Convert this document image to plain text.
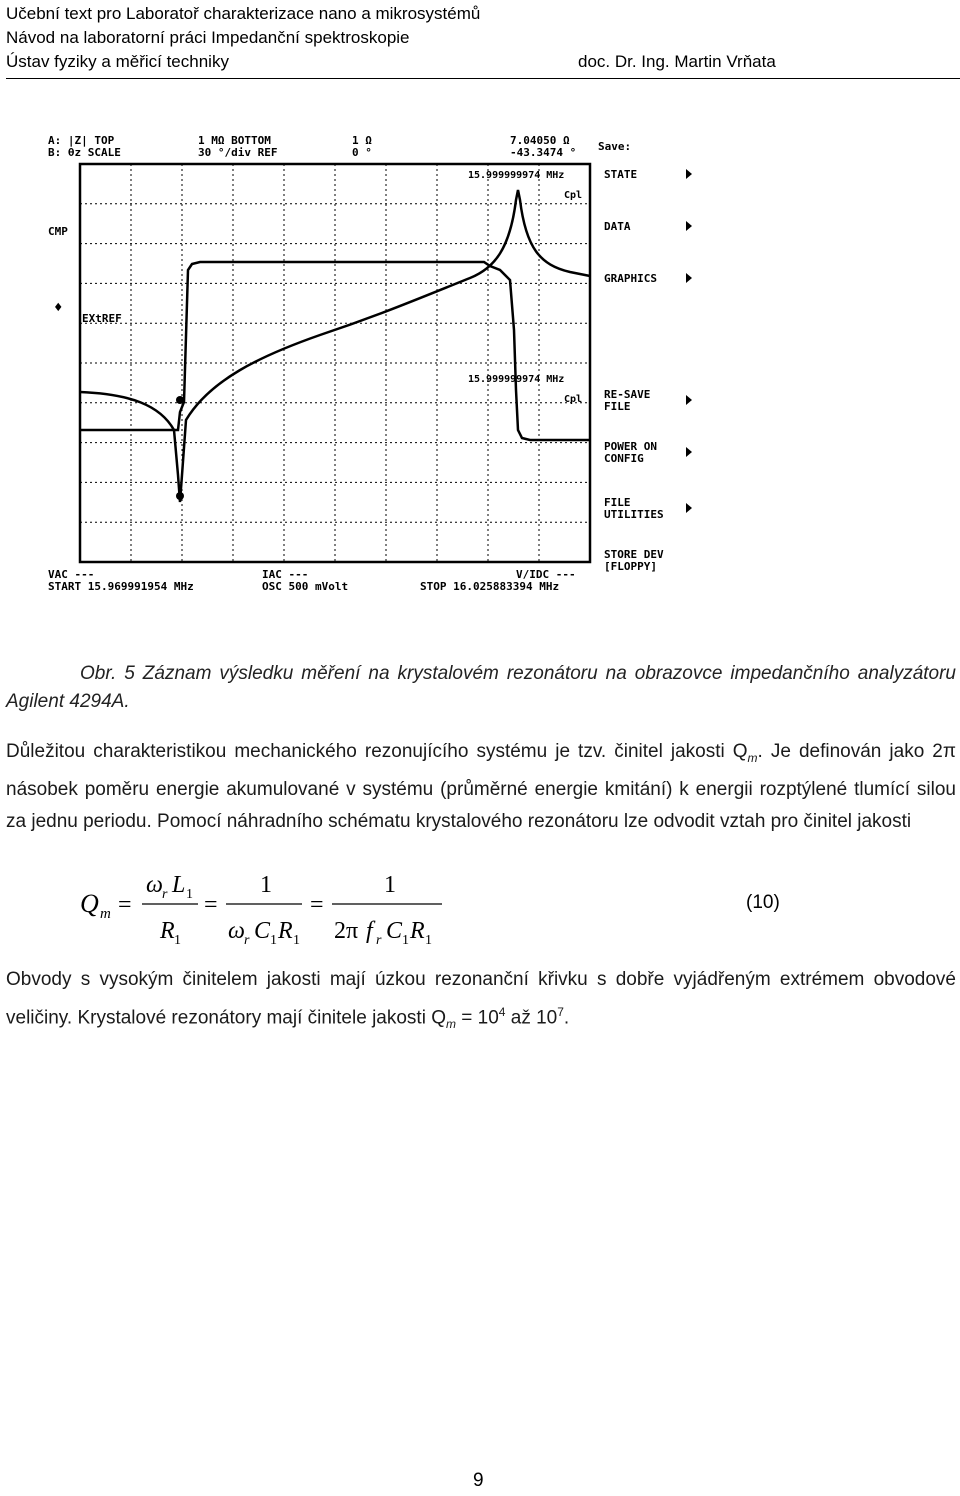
Učební text pro Laboratoř charakterizace nano a mikrosystémů
Návod na laboratorní práci Impedanční spektroskopie
Ústav fyziky a měřicí techniky	doc. Dr. Ing. Martin Vrňata
A: |Z| TOP
B: θz SCALE
1 MΩ BOTTOM
30 °/div REF
1 Ω
0 °
7.04050 Ω
-43.3474 ° Save:
CMP
♦
EXtREF
15.999999974 MHz
Cpl
15.999999974 MHz
Cpl
STATE
DATA
GRAPHICS
RE-SAVE
FILE
POWER ON
CONFIG
FILE
UTILITIES
STORE DEV
[FLOPPY]
VAC ---
START 15.969991954 MHz
IAC ---
OSC 500 mVolt
V/IDC ---
STOP 16.025883394 MHz
Obr. 5 Záznam výsledku měření na krystalovém rezonátoru na obrazovce impedančního analyzátoru Agilent 4294A.
Důležitou charakteristikou mechanického rezonujícího systému je tzv. činitel jakosti $Q_m$. Je definován jako 2π násobek poměru energie akumulované v systému (průměrné energie kmitání) k energii rozptýlené tlumící silou za jednu periodu. Pomocí náhradního schématu krystalového rezonátoru lze odvodit vztah pro činitel jakosti
Q m =
ω r L 1
R 1
=
1
ω r C 1 R 1
=
1
2π f r C 1 R 1
(10)
Obvody s vysokým činitelem jakosti mají úzkou rezonanční křivku s dobře vyjádřeným extrémem obvodové veličiny. Krystalové rezonátory mají činitele jakosti $Q_m = 10^4$ až $10^7$.
9
